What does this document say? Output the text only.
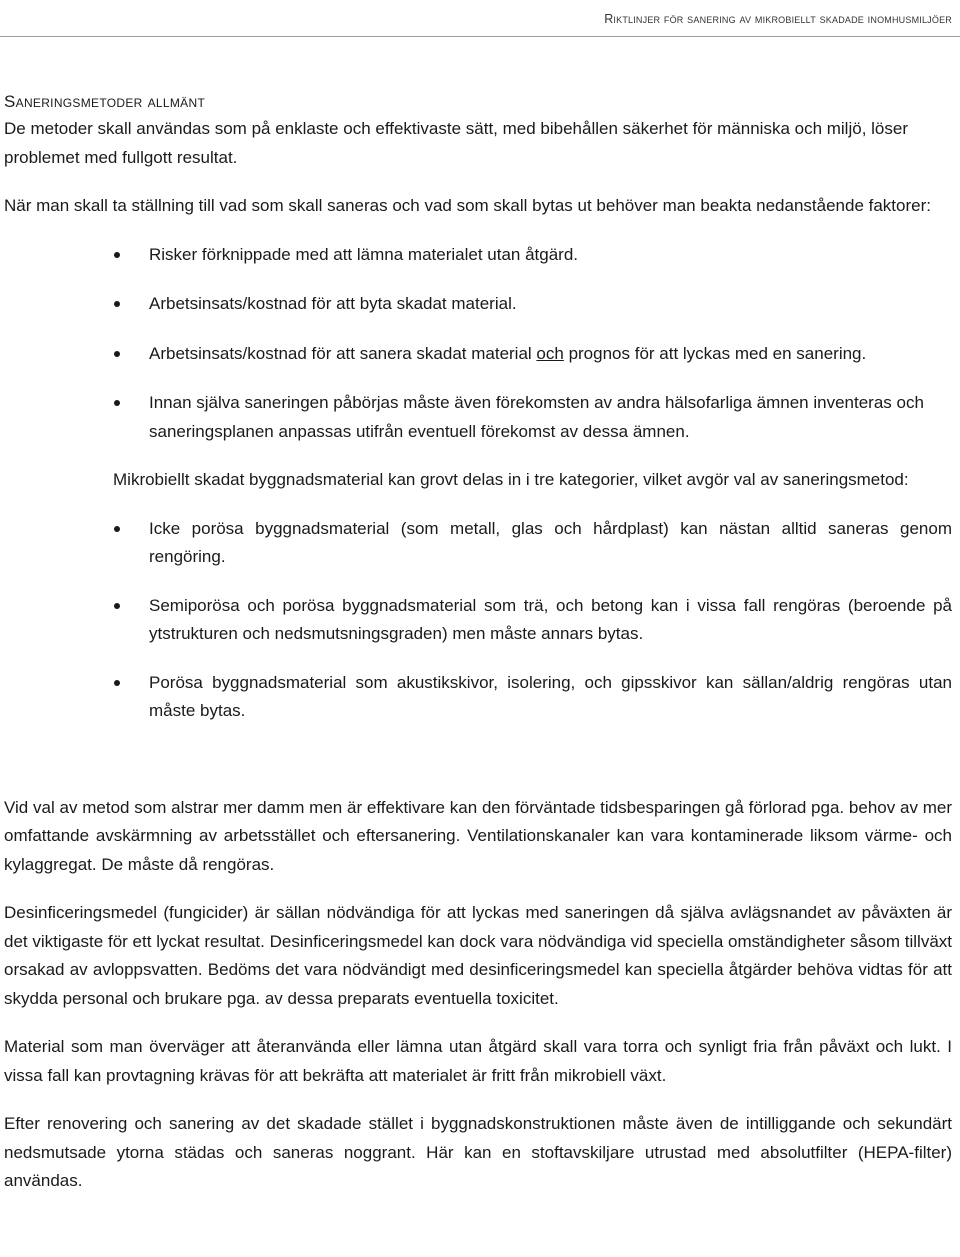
Riktlinjer för sanering av mikrobiellt skadade inomhusmiljöer
Saneringsmetoder allmänt

De metoder skall användas som på enklaste och effektivaste sätt, med bibehållen säkerhet för människa och miljö, löser problemet med fullgott resultat.

När man skall ta ställning till vad som skall saneras och vad som skall bytas ut behöver man beakta nedanstående faktorer:

Risker förknippade med att lämna materialet utan åtgärd.
Arbetsinsats/kostnad för att byta skadat material.
Arbetsinsats/kostnad för att sanera skadat material och prognos för att lyckas med en sanering.
Innan själva saneringen påbörjas måste även förekomsten av andra hälsofarliga ämnen inventeras och saneringsplanen anpassas utifrån eventuell förekomst av dessa ämnen.

Mikrobiellt skadat byggnadsmaterial kan grovt delas in i tre kategorier, vilket avgör val av saneringsmetod:

Icke porösa byggnadsmaterial (som metall, glas och hårdplast) kan nästan alltid saneras genom rengöring.
Semiporösa och porösa byggnadsmaterial som trä, och betong kan i vissa fall rengöras (beroende på ytstrukturen och nedsmutsningsgraden) men måste annars bytas.
Porösa byggnadsmaterial som akustikskivor, isolering, och gipsskivor kan sällan/aldrig rengöras utan måste bytas.

Vid val av metod som alstrar mer damm men är effektivare kan den förväntade tidsbesparingen gå förlorad pga. behov av mer omfattande avskärmning av arbetsstället och eftersanering. Ventilationskanaler kan vara kontaminerade liksom värme- och kylaggregat. De måste då rengöras.

Desinficeringsmedel (fungicider) är sällan nödvändiga för att lyckas med saneringen då själva avlägsnandet av påväxten är det viktigaste för ett lyckat resultat. Desinficeringsmedel kan dock vara nödvändiga vid speciella omständigheter såsom tillväxt orsakad av avloppsvatten. Bedöms det vara nödvändigt med desinficeringsmedel kan speciella åtgärder behöva vidtas för att skydda personal och brukare pga. av dessa preparats eventuella toxicitet.

Material som man överväger att återanvända eller lämna utan åtgärd skall vara torra och synligt fria från påväxt och lukt. I vissa fall kan provtagning krävas för att bekräfta att materialet är fritt från mikrobiell växt.

Efter renovering och sanering av det skadade stället i byggnadskonstruktionen måste även de intilliggande och sekundärt nedsmutsade ytorna städas och saneras noggrant. Här kan en stoftavskiljare utrustad med absolutfilter (HEPA-filter) användas.
